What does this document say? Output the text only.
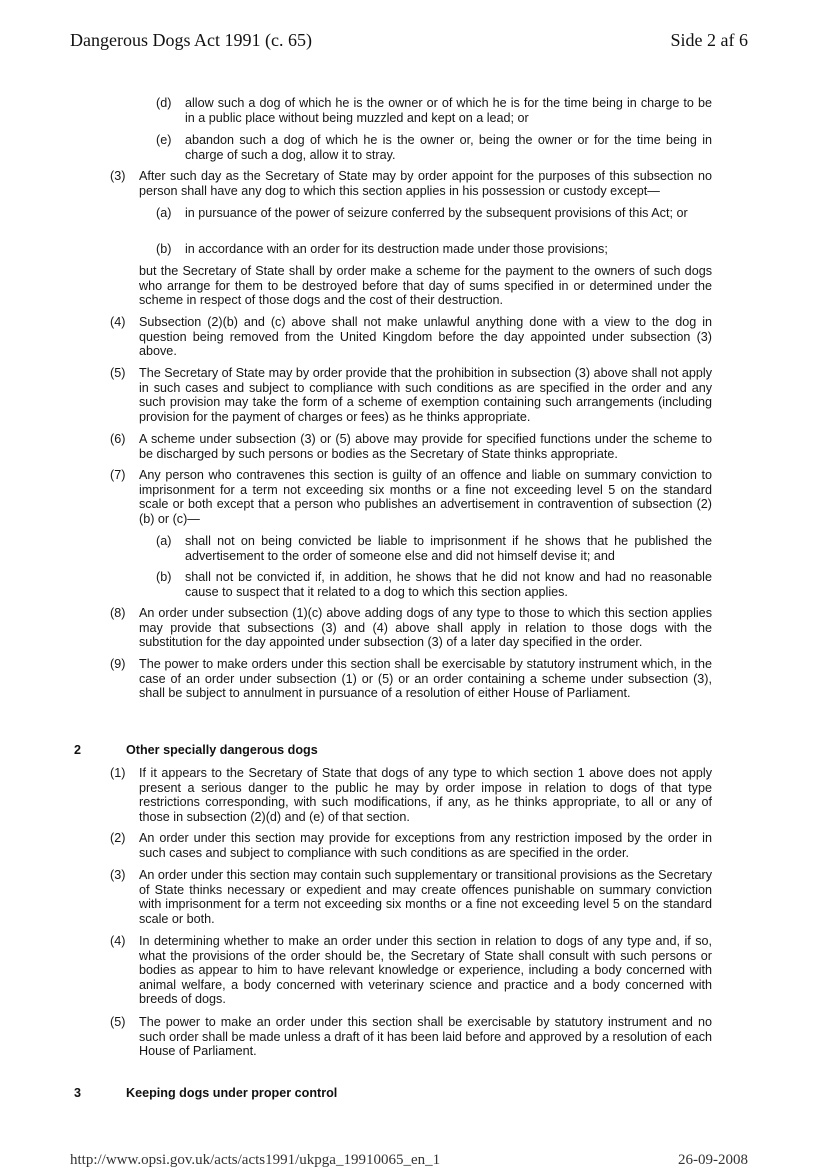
Dangerous Dogs Act 1991 (c. 65)	Side 2 af 6
(d) allow such a dog of which he is the owner or of which he is for the time being in charge to be in a public place without being muzzled and kept on a lead; or
(e) abandon such a dog of which he is the owner or, being the owner or for the time being in charge of such a dog, allow it to stray.
(3) After such day as the Secretary of State may by order appoint for the purposes of this subsection no person shall have any dog to which this section applies in his possession or custody except—
(a) in pursuance of the power of seizure conferred by the subsequent provisions of this Act; or
(b) in accordance with an order for its destruction made under those provisions;
but the Secretary of State shall by order make a scheme for the payment to the owners of such dogs who arrange for them to be destroyed before that day of sums specified in or determined under the scheme in respect of those dogs and the cost of their destruction.
(4) Subsection (2)(b) and (c) above shall not make unlawful anything done with a view to the dog in question being removed from the United Kingdom before the day appointed under subsection (3) above.
(5) The Secretary of State may by order provide that the prohibition in subsection (3) above shall not apply in such cases and subject to compliance with such conditions as are specified in the order and any such provision may take the form of a scheme of exemption containing such arrangements (including provision for the payment of charges or fees) as he thinks appropriate.
(6) A scheme under subsection (3) or (5) above may provide for specified functions under the scheme to be discharged by such persons or bodies as the Secretary of State thinks appropriate.
(7) Any person who contravenes this section is guilty of an offence and liable on summary conviction to imprisonment for a term not exceeding six months or a fine not exceeding level 5 on the standard scale or both except that a person who publishes an advertisement in contravention of subsection (2)(b) or (c)—
(a) shall not on being convicted be liable to imprisonment if he shows that he published the advertisement to the order of someone else and did not himself devise it; and
(b) shall not be convicted if, in addition, he shows that he did not know and had no reasonable cause to suspect that it related to a dog to which this section applies.
(8) An order under subsection (1)(c) above adding dogs of any type to those to which this section applies may provide that subsections (3) and (4) above shall apply in relation to those dogs with the substitution for the day appointed under subsection (3) of a later day specified in the order.
(9) The power to make orders under this section shall be exercisable by statutory instrument which, in the case of an order under subsection (1) or (5) or an order containing a scheme under subsection (3), shall be subject to annulment in pursuance of a resolution of either House of Parliament.
2	Other specially dangerous dogs
(1) If it appears to the Secretary of State that dogs of any type to which section 1 above does not apply present a serious danger to the public he may by order impose in relation to dogs of that type restrictions corresponding, with such modifications, if any, as he thinks appropriate, to all or any of those in subsection (2)(d) and (e) of that section.
(2) An order under this section may provide for exceptions from any restriction imposed by the order in such cases and subject to compliance with such conditions as are specified in the order.
(3) An order under this section may contain such supplementary or transitional provisions as the Secretary of State thinks necessary or expedient and may create offences punishable on summary conviction with imprisonment for a term not exceeding six months or a fine not exceeding level 5 on the standard scale or both.
(4) In determining whether to make an order under this section in relation to dogs of any type and, if so, what the provisions of the order should be, the Secretary of State shall consult with such persons or bodies as appear to him to have relevant knowledge or experience, including a body concerned with animal welfare, a body concerned with veterinary science and practice and a body concerned with breeds of dogs.
(5) The power to make an order under this section shall be exercisable by statutory instrument and no such order shall be made unless a draft of it has been laid before and approved by a resolution of each House of Parliament.
3	Keeping dogs under proper control
http://www.opsi.gov.uk/acts/acts1991/ukpga_19910065_en_1	26-09-2008
